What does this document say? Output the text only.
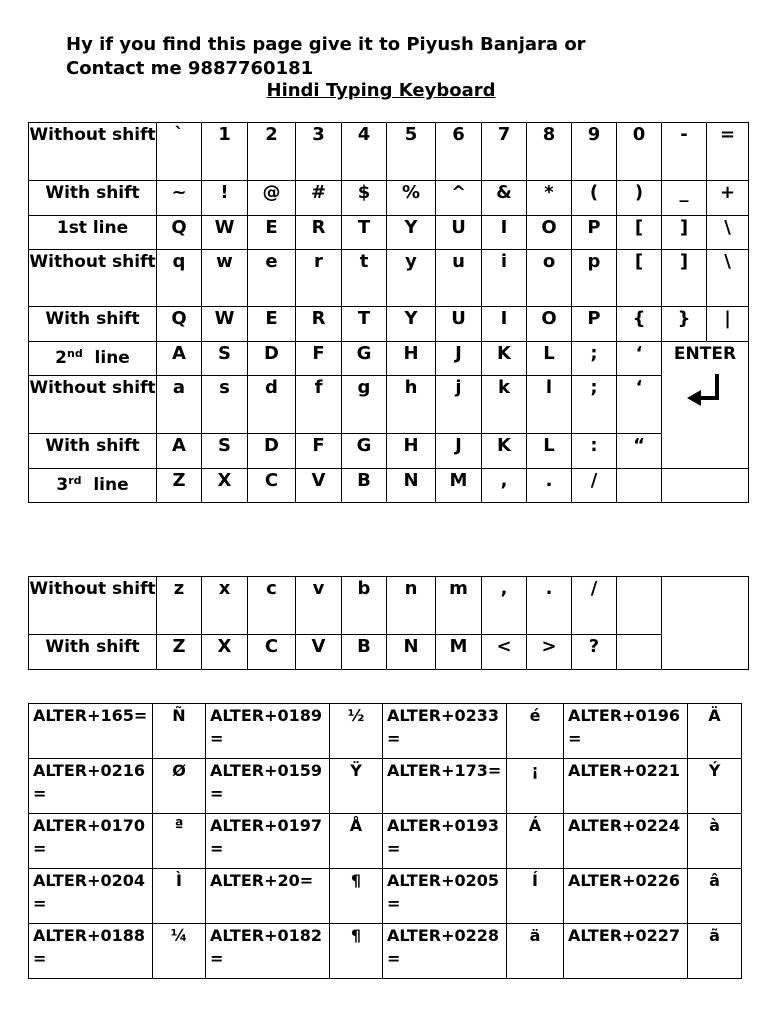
Hy if you find this page give it to Piyush Banjara or
Contact me 9887760181
Hindi Typing Keyboard
Without shift	`	1	2	3	4	5	6	7	8	9	0	-	=
With shift	~	!	@	#	$	%	^	&	*	(	)	_	+
1st line	Q	W	E	R	T	Y	U	I	O	P	[	]	\
Without shift	q	w	e	r	t	y	u	i	o	p	[	]	\
With shift	Q	W	E	R	T	Y	U	I	O	P	{	}	|
2nd line	A	S	D	F	G	H	J	K	L	;	‘	ENTER	

Without shift	a	s	d	f	g	h	j	k	l	;	‘		
With shift	A	S	D	F	G	H	J	K	L	:	“		
3rd line	Z	X	C	V	B	N	M	,	.	/			
Without shift	z	x	c	v	b	n	m	,	.	/		
With shift	Z	X	C	V	B	N	M	<	>	?		
ALTER+165=	Ñ	ALTER+0189=	½	ALTER+0233=	é	ALTER+0196=	Ä
ALTER+0216=	Ø	ALTER+0159=	Ÿ	ALTER+173=	¡	ALTER+0221	Ý
ALTER+0170=	ª	ALTER+0197=	Å	ALTER+0193=	Á	ALTER+0224	à
ALTER+0204=	Ì	ALTER+20=	¶	ALTER+0205=	Í	ALTER+0226	â
ALTER+0188=	¼	ALTER+0182=	¶	ALTER+0228=	ä	ALTER+0227	ã
